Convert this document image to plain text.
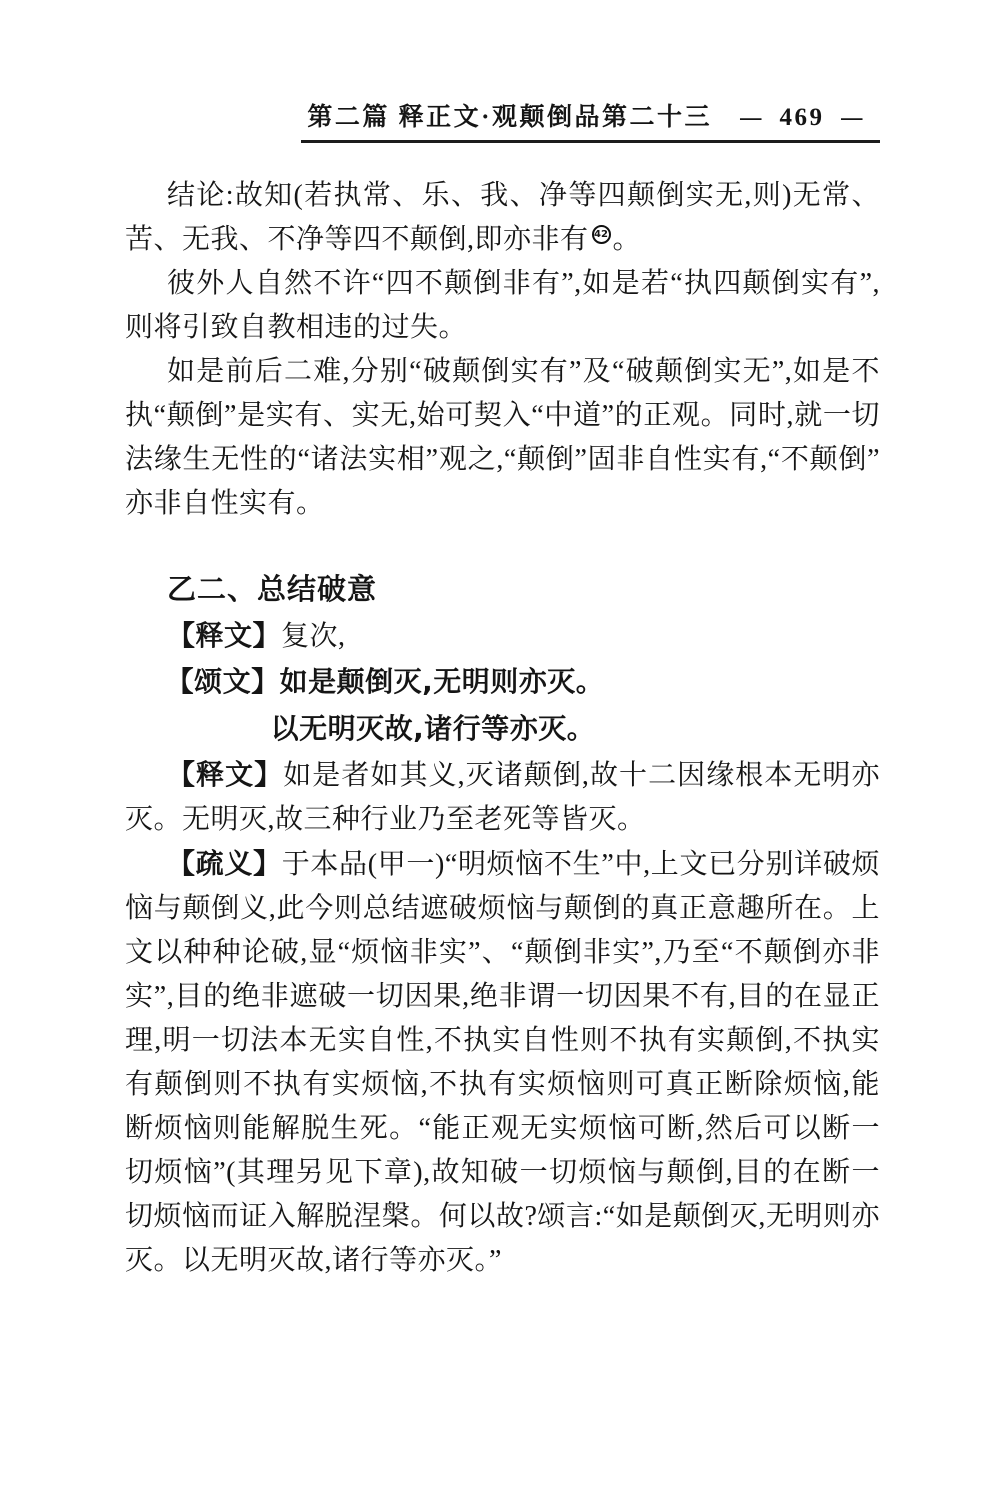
第二篇 释正文·观颠倒品第二十三 — 469 —

结论:故知(若执常、乐、我、净等四颠倒实无,则)无常、苦、无我、不净等四不颠倒,即亦非有 42 。

彼外人自然不许“四不颠倒非有”,如是若“执四颠倒实有”,则将引致自教相违的过失。

如是前后二难,分别“破颠倒实有”及“破颠倒实无”,如是不执“颠倒”是实有、实无,始可契入“中道”的正观。同时,就一切法缘生无性的“诸法实相”观之,“颠倒”固非自性实有,“不颠倒”亦非自性实有。

乙二、总结破意

【释文】复次,

【颂文】如是颠倒灭,无明则亦灭。

以无明灭故,诸行等亦灭。

【释文】如是者如其义,灭诸颠倒,故十二因缘根本无明亦灭。无明灭,故三种行业乃至老死等皆灭。

【疏义】于本品(甲一)“明烦恼不生”中,上文已分别详破烦恼与颠倒义,此今则总结遮破烦恼与颠倒的真正意趣所在。上文以种种论破,显“烦恼非实”、“颠倒非实”,乃至“不颠倒亦非实”,目的绝非遮破一切因果,绝非谓一切因果不有,目的在显正理,明一切法本无实自性,不执实自性则不执有实颠倒,不执实有颠倒则不执有实烦恼,不执有实烦恼则可真正断除烦恼,能断烦恼则能解脱生死。“能正观无实烦恼可断,然后可以断一切烦恼”(其理另见下章),故知破一切烦恼与颠倒,目的在断一切烦恼而证入解脱涅槃。何以故?颂言:“如是颠倒灭,无明则亦灭。以无明灭故,诸行等亦灭。”
